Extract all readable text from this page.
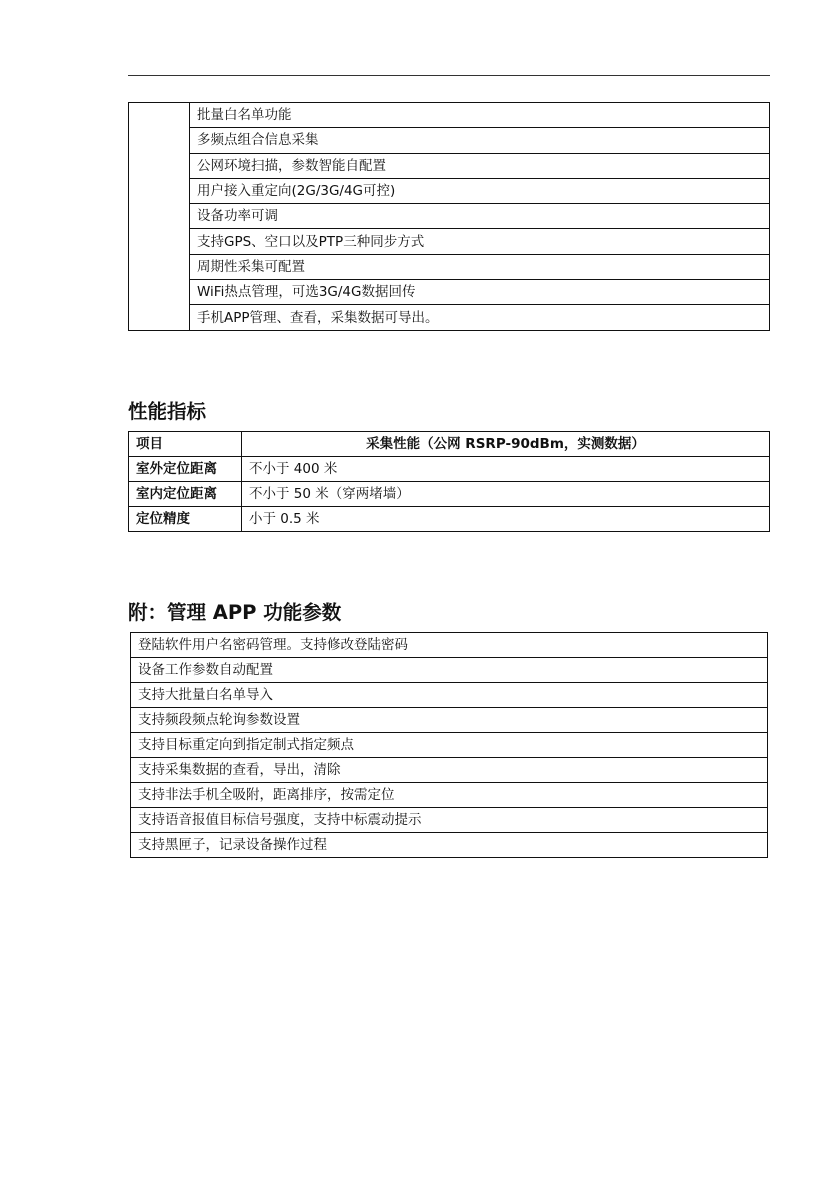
	批量白名单功能
多频点组合信息采集
公网环境扫描，参数智能自配置
用户接入重定向(2G/3G/4G可控)
设备功率可调
支持GPS、空口以及PTP三种同步方式
周期性采集可配置
WiFi热点管理，可选3G/4G数据回传
手机APP管理、查看，采集数据可导出。
性能指标
项目	采集性能（公网 RSRP-90dBm，实测数据）
室外定位距离	不小于 400 米
室内定位距离	不小于 50 米（穿两堵墙）
定位精度	小于 0.5 米
附：管理 APP 功能参数
登陆软件用户名密码管理。支持修改登陆密码
设备工作参数自动配置
支持大批量白名单导入
支持频段频点轮询参数设置
支持目标重定向到指定制式指定频点
支持采集数据的查看，导出，清除
支持非法手机全吸附，距离排序，按需定位
支持语音报值目标信号强度，支持中标震动提示
支持黑匣子，记录设备操作过程
